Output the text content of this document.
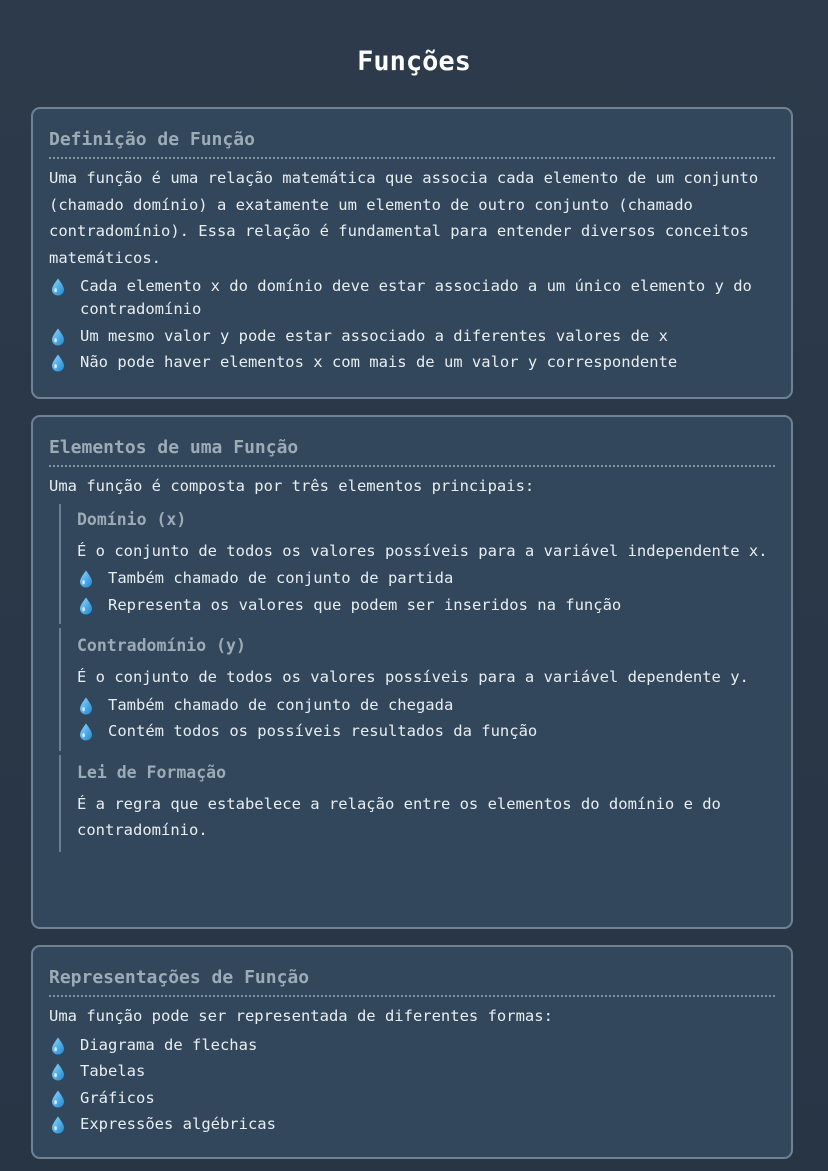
Funções
Definição de Função

Uma função é uma relação matemática que associa cada elemento de um conjunto (chamado domínio) a exatamente um elemento de outro conjunto (chamado contradomínio). Essa relação é fundamental para entender diversos conceitos matemáticos.

Cada elemento x do domínio deve estar associado a um único elemento y do contradomínio
Um mesmo valor y pode estar associado a diferentes valores de x
Não pode haver elementos x com mais de um valor y correspondente
Elementos de uma Função

Uma função é composta por três elementos principais:

Domínio (x)

É o conjunto de todos os valores possíveis para a variável independente x.

Também chamado de conjunto de partida
Representa os valores que podem ser inseridos na função
Contradomínio (y)

É o conjunto de todos os valores possíveis para a variável dependente y.

Também chamado de conjunto de chegada
Contém todos os possíveis resultados da função
Lei de Formação

É a regra que estabelece a relação entre os elementos do domínio e do contradomínio.

Representações de Função

Uma função pode ser representada de diferentes formas:

Diagrama de flechas
Tabelas
Gráficos
Expressões algébricas
